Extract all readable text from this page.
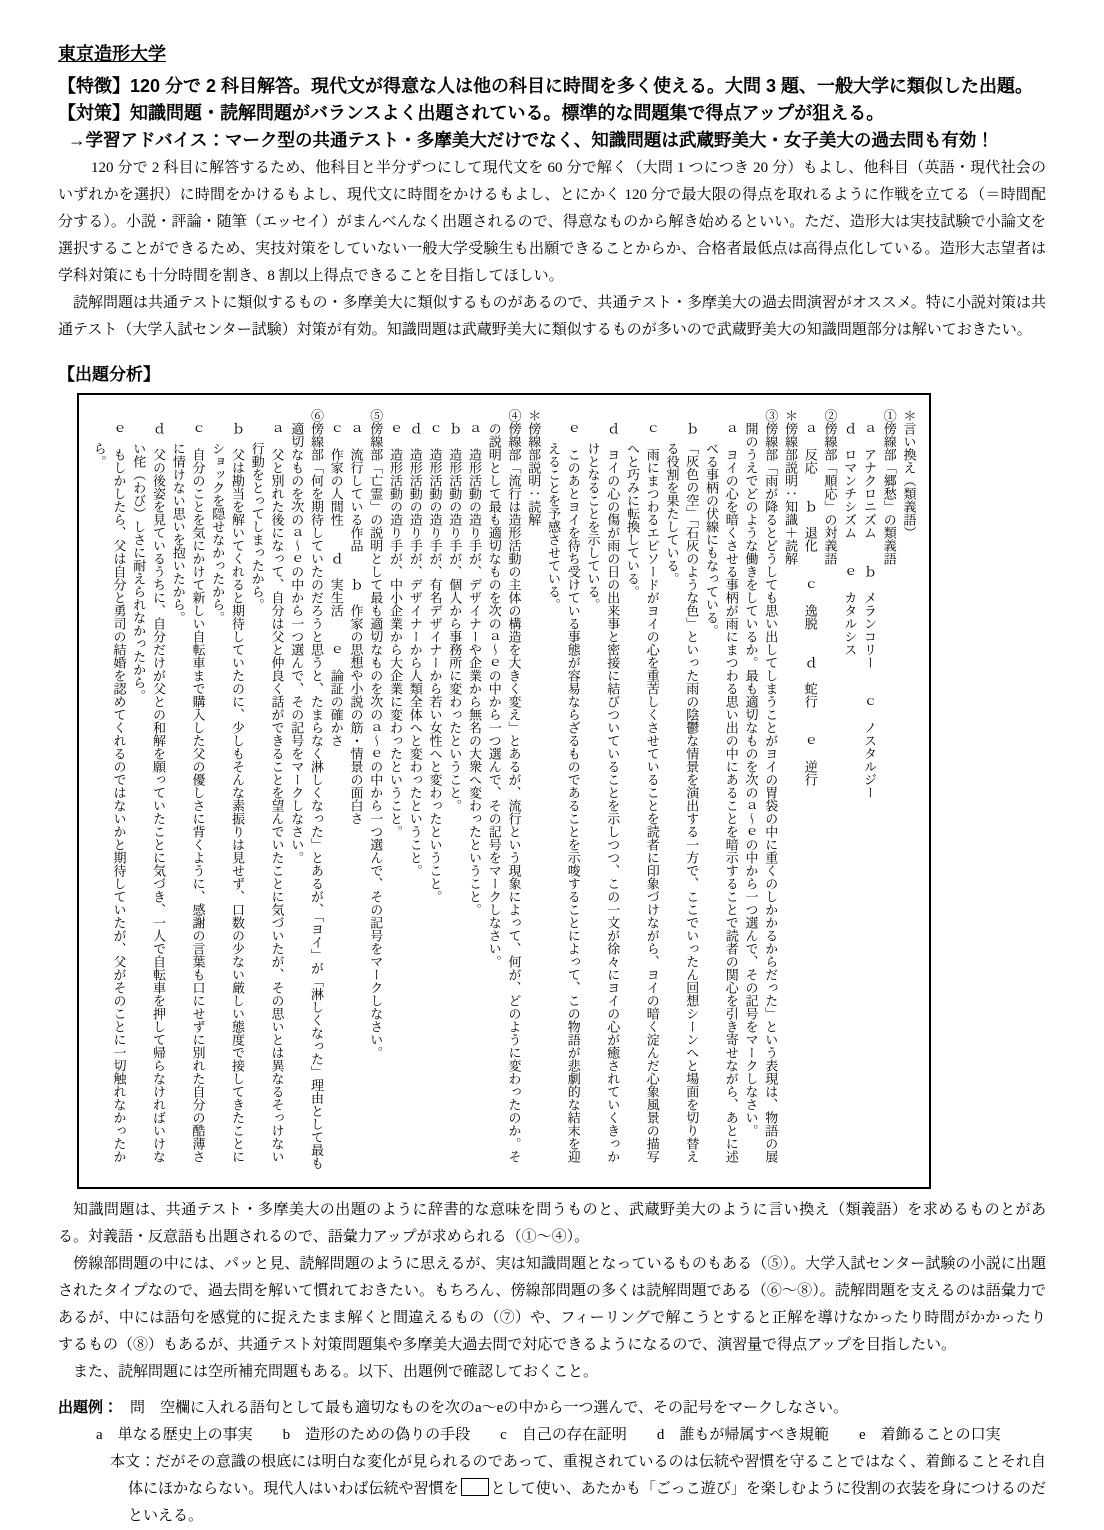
東京造形大学

【特徴】120 分で 2 科目解答。現代文が得意な人は他の科目に時間を多く使える。大問 3 題、一般大学に類似した出題。

【対策】知識問題・読解問題がバランスよく出題されている。標準的な問題集で得点アップが狙える。

→学習アドバイス：マーク型の共通テスト・多摩美大だけでなく、知識問題は武蔵野美大・女子美大の過去問も有効！

120 分で 2 科目に解答するため、他科目と半分ずつにして現代文を 60 分で解く（大問 1 つにつき 20 分）もよし、他科目（英語・現代社会のいずれかを選択）に時間をかけるもよし、現代文に時間をかけるもよし、とにかく 120 分で最大限の得点を取れるように作戦を立てる（＝時間配分する）。小説・評論・随筆（エッセイ）がまんべんなく出題されるので、得意なものから解き始めるといい。ただ、造形大は実技試験で小論文を選択することができるため、実技対策をしていない一般大学受験生も出願できることからか、合格者最低点は高得点化している。造形大志望者は学科対策にも十分時間を割き、8 割以上得点できることを目指してほしい。

読解問題は共通テストに類似するもの・多摩美大に類似するものがあるので、共通テスト・多摩美大の過去問演習がオススメ。特に小説対策は共通テスト（大学入試センター試験）対策が有効。知識問題は武蔵野美大に類似するものが多いので武蔵野美大の知識問題部分は解いておきたい。

【出題分析】

＊言い換え（類義語）

①傍線部「郷愁」の類義語

ａ　アナクロニズム　　ｂ　メランコリー　　ｃ　ノスタルジー

ｄ　ロマンチシズム　　ｅ　カタルシス

②傍線部「順応」の対義語

ａ　反応　　ｂ　退化　　ｃ　逸脱　　ｄ　蛇行　　ｅ　逆行

＊傍線部説明：知識＋読解

③傍線部「雨が降るとどうしても思い出してしまうことがヨイの胃袋の中に重くのしかかるからだった」という表現は、物語の展開のうえでどのような働きをしているか。最も適切なものを次のａ～ｅの中から一つ選んで、その記号をマークしなさい。

ａ　ヨイの心を暗くさせる事柄が雨にまつわる思い出の中にあることを暗示することで読者の関心を引き寄せながら、あとに述べる事柄の伏線にもなっている。

ｂ　「灰色の空」「石灰のような色」といった雨の陰鬱な情景を演出する一方で、ここでいったん回想シーンへと場面を切り替える役割を果たしている。

ｃ　雨にまつわるエピソードがヨイの心を重苦しくさせていることを読者に印象づけながら、ヨイの暗く淀んだ心象風景の描写へと巧みに転換している。

ｄ　ヨイの心の傷が雨の日の出来事と密接に結びついていることを示しつつ、この一文が徐々にヨイの心が癒されていくきっかけとなることを示している。

ｅ　このあとヨイを待ち受けている事態が容易ならざるものであることを示唆することによって、この物語が悲劇的な結末を迎えることを予感させている。

＊傍線部説明：読解

④傍線部「流行は造形活動の主体の構造を大きく変え」とあるが、流行という現象によって、何が、どのように変わったのか。その説明として最も適切なものを次のａ～ｅの中から一つ選んで、その記号をマークしなさい。

ａ　造形活動の造り手が、デザイナーや企業から無名の大衆へ変わったということ。

ｂ　造形活動の造り手が、個人から事務所に変わったということ。

ｃ　造形活動の造り手が、有名デザイナーから若い女性へと変わったということ。

ｄ　造形活動の造り手が、デザイナーから人類全体へと変わったということ。

ｅ　造形活動の造り手が、中小企業から大企業に変わったということ。

⑤傍線部「亡霊」の説明として最も適切なものを次のａ～ｅの中から一つ選んで、その記号をマークしなさい。

ａ　流行している作品　　ｂ　作家の思想や小説の筋・情景の面白さ

ｃ　作家の人間性　　ｄ　実生活　　ｅ　論証の確かさ

⑥傍線部「何を期待していたのだろうと思うと、たまらなく淋しくなった」とあるが、「ヨイ」が「淋しくなった」理由として最も適切なものを次のａ～ｅの中から一つ選んで、その記号をマークしなさい。

ａ　父と別れた後になって、自分は父と仲良く話ができることを望んでいたことに気づいたが、その思いとは異なるそっけない行動をとってしまったから。

ｂ　父は勘当を解いてくれると期待していたのに、少しもそんな素振りは見せず、口数の少ない厳しい態度で接してきたことにショックを隠せなかったから。

ｃ　自分のことを気にかけて新しい自転車まで購入した父の優しさに背くように、感謝の言葉も口にせずに別れた自分の酷薄さに情けない思いを抱いたから。

ｄ　父の後姿を見ているうちに、自分だけが父との和解を願っていたことに気づき、一人で自転車を押して帰らなければいけない侘（わび）しさに耐えられなかったから。

ｅ　もしかしたら、父は自分と勇司の結婚を認めてくれるのではないかと期待していたが、父がそのことに一切触れなかったから。

知識問題は、共通テスト・多摩美大の出題のように辞書的な意味を問うものと、武蔵野美大のように言い換え（類義語）を求めるものとがある。対義語・反意語も出題されるので、語彙力アップが求められる（①～④）。

傍線部問題の中には、パッと見、読解問題のように思えるが、実は知識問題となっているものもある（⑤）。大学入試センター試験の小説に出題されたタイプなので、過去問を解いて慣れておきたい。もちろん、傍線部問題の多くは読解問題である（⑥～⑧）。読解問題を支えるのは語彙力であるが、中には語句を感覚的に捉えたまま解くと間違えるもの（⑦）や、フィーリングで解こうとすると正解を導けなかったり時間がかかったりするもの（⑧）もあるが、共通テスト対策問題集や多摩美大過去問で対応できるようになるので、演習量で得点アップを目指したい。

また、読解問題には空所補充問題もある。以下、出題例で確認しておくこと。

出題例： 問　空欄に入れる語句として最も適切なものを次のa～eの中から一つ選んで、その記号をマークしなさい。

a　単なる歴史上の事実　　b　造形のための偽りの手段　　c　自己の存在証明　　d　誰もが帰属すべき規範　　e　着飾ることの口実

本文：だがその意識の根底には明白な変化が見られるのであって、重視されているのは伝統や習慣を守ることではなく、着飾ることそれ自体にほかならない。現代人はいわば伝統や習慣を として使い、あたかも「ごっこ遊び」を楽しむように役割の衣装を身につけるのだといえる。
